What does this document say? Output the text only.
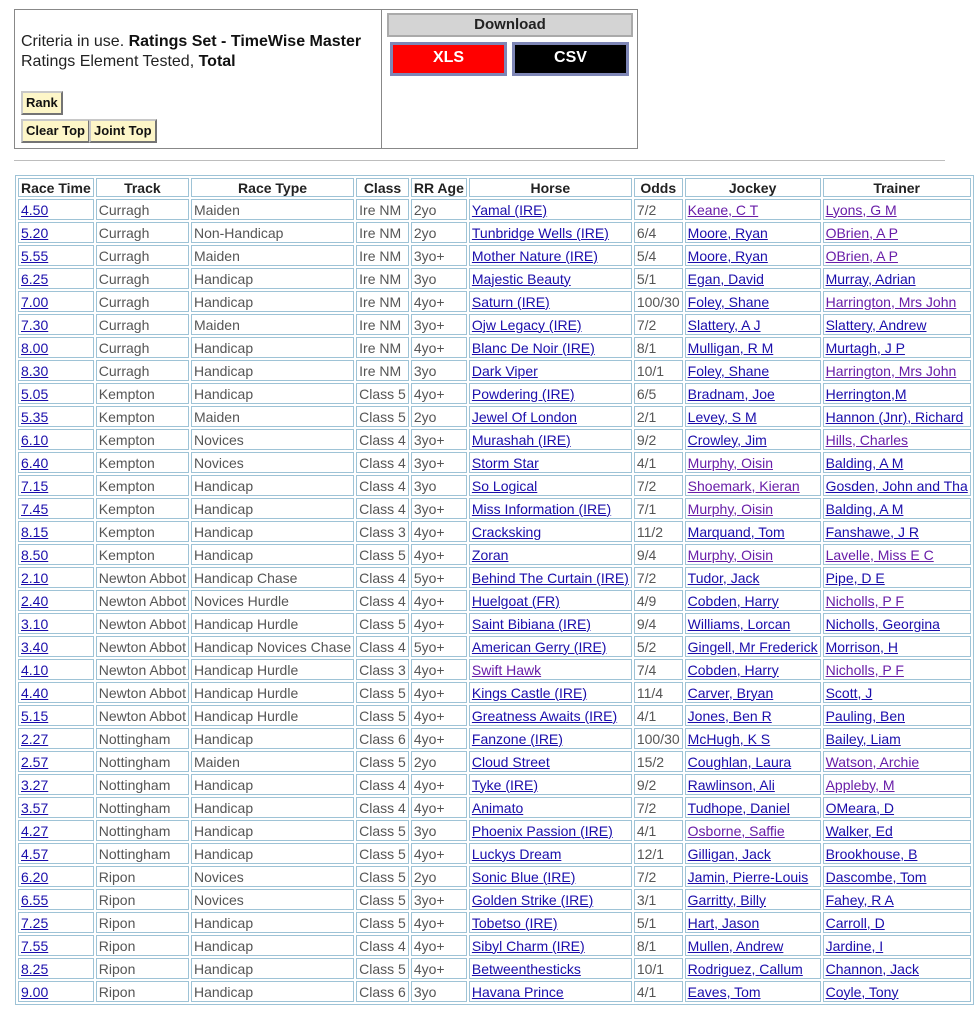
Criteria in use. Ratings Set - TimeWise Master
Ratings Element Tested, Total
Rank
Clear Top Joint Top
Download
XLS	CSV
Race Time	Track	Race Type	Class	RR Age	Horse	Odds	Jockey	Trainer
4.50	Curragh	Maiden	Ire NM	2yo	Yamal (IRE)	7/2	Keane, C T	Lyons, G M
5.20	Curragh	Non-Handicap	Ire NM	2yo	Tunbridge Wells (IRE)	6/4	Moore, Ryan	OBrien, A P
5.55	Curragh	Maiden	Ire NM	3yo+	Mother Nature (IRE)	5/4	Moore, Ryan	OBrien, A P
6.25	Curragh	Handicap	Ire NM	3yo	Majestic Beauty	5/1	Egan, David	Murray, Adrian
7.00	Curragh	Handicap	Ire NM	4yo+	Saturn (IRE)	100/30	Foley, Shane	Harrington, Mrs John
7.30	Curragh	Maiden	Ire NM	3yo+	Ojw Legacy (IRE)	7/2	Slattery, A J	Slattery, Andrew
8.00	Curragh	Handicap	Ire NM	4yo+	Blanc De Noir (IRE)	8/1	Mulligan, R M	Murtagh, J P
8.30	Curragh	Handicap	Ire NM	3yo	Dark Viper	10/1	Foley, Shane	Harrington, Mrs John
5.05	Kempton	Handicap	Class 5	4yo+	Powdering (IRE)	6/5	Bradnam, Joe	Herrington,M
5.35	Kempton	Maiden	Class 5	2yo	Jewel Of London	2/1	Levey, S M	Hannon (Jnr), Richard
6.10	Kempton	Novices	Class 4	3yo+	Murashah (IRE)	9/2	Crowley, Jim	Hills, Charles
6.40	Kempton	Novices	Class 4	3yo+	Storm Star	4/1	Murphy, Oisin	Balding, A M
7.15	Kempton	Handicap	Class 4	3yo	So Logical	7/2	Shoemark, Kieran	Gosden, John and Tha
7.45	Kempton	Handicap	Class 4	3yo+	Miss Information (IRE)	7/1	Murphy, Oisin	Balding, A M
8.15	Kempton	Handicap	Class 3	4yo+	Cracksking	11/2	Marquand, Tom	Fanshawe, J R
8.50	Kempton	Handicap	Class 5	4yo+	Zoran	9/4	Murphy, Oisin	Lavelle, Miss E C
2.10	Newton Abbot	Handicap Chase	Class 4	5yo+	Behind The Curtain (IRE)	7/2	Tudor, Jack	Pipe, D E
2.40	Newton Abbot	Novices Hurdle	Class 4	4yo+	Huelgoat (FR)	4/9	Cobden, Harry	Nicholls, P F
3.10	Newton Abbot	Handicap Hurdle	Class 5	4yo+	Saint Bibiana (IRE)	9/4	Williams, Lorcan	Nicholls, Georgina
3.40	Newton Abbot	Handicap Novices Chase	Class 4	5yo+	American Gerry (IRE)	5/2	Gingell, Mr Frederick	Morrison, H
4.10	Newton Abbot	Handicap Hurdle	Class 3	4yo+	Swift Hawk	7/4	Cobden, Harry	Nicholls, P F
4.40	Newton Abbot	Handicap Hurdle	Class 5	4yo+	Kings Castle (IRE)	11/4	Carver, Bryan	Scott, J
5.15	Newton Abbot	Handicap Hurdle	Class 5	4yo+	Greatness Awaits (IRE)	4/1	Jones, Ben R	Pauling, Ben
2.27	Nottingham	Handicap	Class 6	4yo+	Fanzone (IRE)	100/30	McHugh, K S	Bailey, Liam
2.57	Nottingham	Maiden	Class 5	2yo	Cloud Street	15/2	Coughlan, Laura	Watson, Archie
3.27	Nottingham	Handicap	Class 4	4yo+	Tyke (IRE)	9/2	Rawlinson, Ali	Appleby, M
3.57	Nottingham	Handicap	Class 4	4yo+	Animato	7/2	Tudhope, Daniel	OMeara, D
4.27	Nottingham	Handicap	Class 5	3yo	Phoenix Passion (IRE)	4/1	Osborne, Saffie	Walker, Ed
4.57	Nottingham	Handicap	Class 5	4yo+	Luckys Dream	12/1	Gilligan, Jack	Brookhouse, B
6.20	Ripon	Novices	Class 5	2yo	Sonic Blue (IRE)	7/2	Jamin, Pierre-Louis	Dascombe, Tom
6.55	Ripon	Novices	Class 5	3yo+	Golden Strike (IRE)	3/1	Garritty, Billy	Fahey, R A
7.25	Ripon	Handicap	Class 5	4yo+	Tobetso (IRE)	5/1	Hart, Jason	Carroll, D
7.55	Ripon	Handicap	Class 4	4yo+	Sibyl Charm (IRE)	8/1	Mullen, Andrew	Jardine, I
8.25	Ripon	Handicap	Class 5	4yo+	Betweenthesticks	10/1	Rodriguez, Callum	Channon, Jack
9.00	Ripon	Handicap	Class 6	3yo	Havana Prince	4/1	Eaves, Tom	Coyle, Tony
